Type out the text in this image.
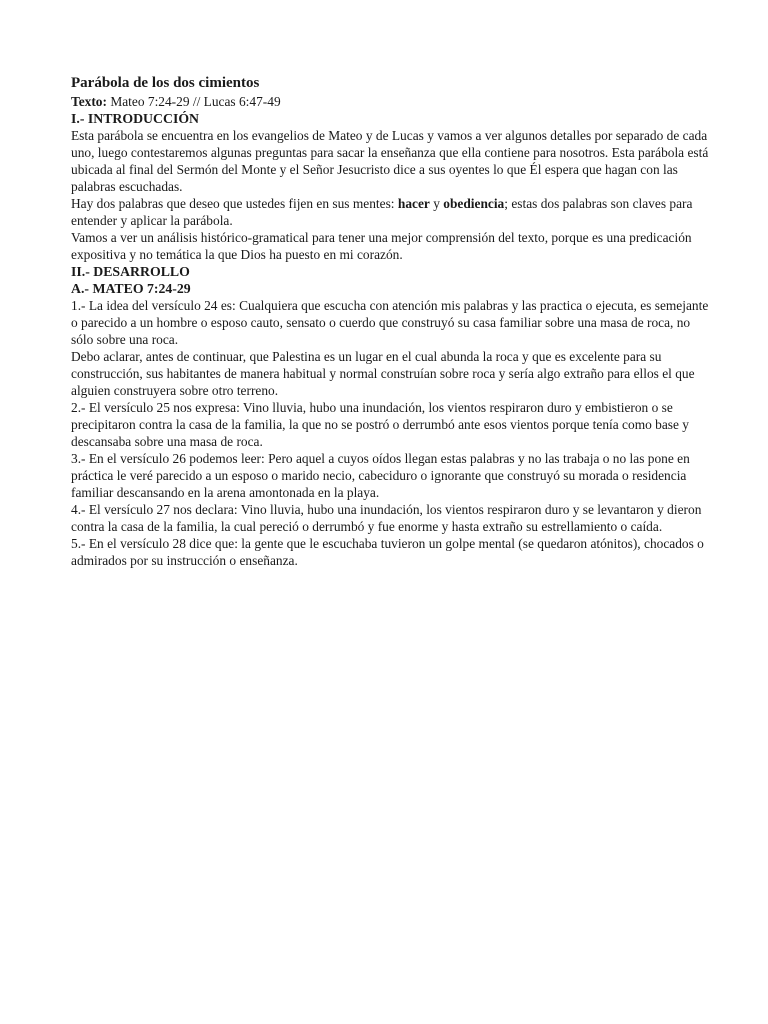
Parábola de los dos cimientos

Texto: Mateo 7:24-29 // Lucas 6:47-49

I.- INTRODUCCIÓN

Esta parábola se encuentra en los evangelios de Mateo y de Lucas y vamos a ver algunos detalles por separado de cada uno, luego contestaremos algunas preguntas para sacar la enseñanza que ella contiene para nosotros. Esta parábola está ubicada al final del Sermón del Monte y el Señor Jesucristo dice a sus oyentes lo que Él espera que hagan con las palabras escuchadas.

Hay dos palabras que deseo que ustedes fijen en sus mentes: hacer y obediencia; estas dos palabras son claves para entender y aplicar la parábola.

Vamos a ver un análisis histórico-gramatical para tener una mejor comprensión del texto, porque es una predicación expositiva y no temática la que Dios ha puesto en mi corazón.

II.- DESARROLLO

A.- MATEO 7:24-29

1.- La idea del versículo 24 es: Cualquiera que escucha con atención mis palabras y las practica o ejecuta, es semejante o parecido a un hombre o esposo cauto, sensato o cuerdo que construyó su casa familiar sobre una masa de roca, no sólo sobre una roca.

Debo aclarar, antes de continuar, que Palestina es un lugar en el cual abunda la roca y que es excelente para su construcción, sus habitantes de manera habitual y normal construían sobre roca y sería algo extraño para ellos el que alguien construyera sobre otro terreno.

2.- El versículo 25 nos expresa: Vino lluvia, hubo una inundación, los vientos respiraron duro y embistieron o se precipitaron contra la casa de la familia, la que no se postró o derrumbó ante esos vientos porque tenía como base y descansaba sobre una masa de roca.

3.- En el versículo 26 podemos leer: Pero aquel a cuyos oídos llegan estas palabras y no las trabaja o no las pone en práctica le veré parecido a un esposo o marido necio, cabeciduro o ignorante que construyó su morada o residencia familiar descansando en la arena amontonada en la playa.

4.- El versículo 27 nos declara: Vino lluvia, hubo una inundación, los vientos respiraron duro y se levantaron y dieron contra la casa de la familia, la cual pereció o derrumbó y fue enorme y hasta extraño su estrellamiento o caída.

5.- En el versículo 28 dice que: la gente que le escuchaba tuvieron un golpe mental (se quedaron atónitos), chocados o admirados por su instrucción o enseñanza.
